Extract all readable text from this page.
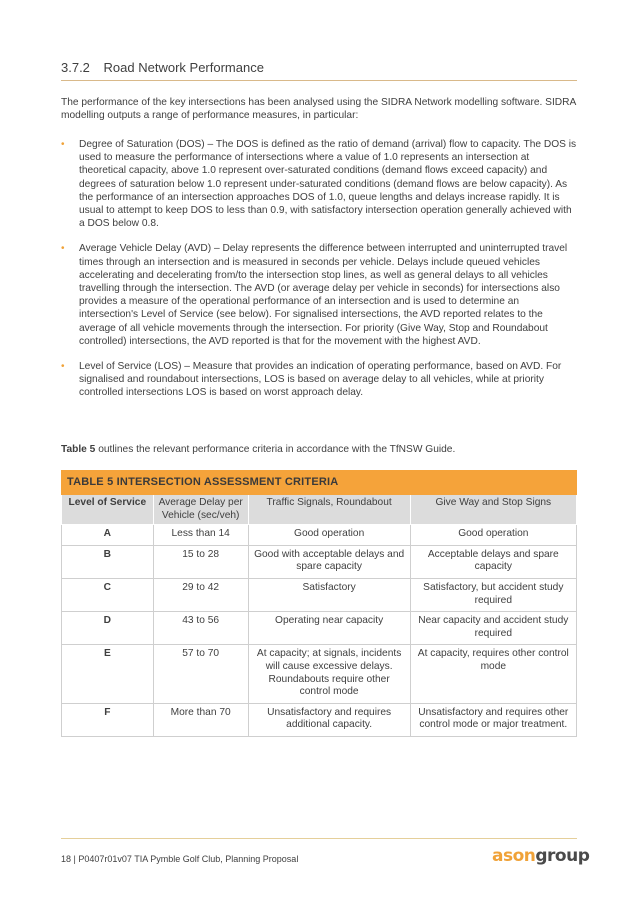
3.7.2 Road Network Performance
The performance of the key intersections has been analysed using the SIDRA Network modelling software. SIDRA modelling outputs a range of performance measures, in particular:
• Degree of Saturation (DOS) – The DOS is defined as the ratio of demand (arrival) flow to capacity. The DOS is used to measure the performance of intersections where a value of 1.0 represents an intersection at theoretical capacity, above 1.0 represent over-saturated conditions (demand flows exceed capacity) and degrees of saturation below 1.0 represent under-saturated conditions (demand flows are below capacity). As the performance of an intersection approaches DOS of 1.0, queue lengths and delays increase rapidly. It is usual to attempt to keep DOS to less than 0.9, with satisfactory intersection operation generally achieved with a DOS below 0.8.
• Average Vehicle Delay (AVD) – Delay represents the difference between interrupted and uninterrupted travel times through an intersection and is measured in seconds per vehicle. Delays include queued vehicles accelerating and decelerating from/to the intersection stop lines, as well as general delays to all vehicles travelling through the intersection. The AVD (or average delay per vehicle in seconds) for intersections also provides a measure of the operational performance of an intersection and is used to determine an intersection's Level of Service (see below). For signalised intersections, the AVD reported relates to the average of all vehicle movements through the intersection. For priority (Give Way, Stop and Roundabout controlled) intersections, the AVD reported is that for the movement with the highest AVD.
• Level of Service (LOS) – Measure that provides an indication of operating performance, based on AVD. For signalised and roundabout intersections, LOS is based on average delay to all vehicles, while at priority controlled intersections LOS is based on worst approach delay.
Table 5 outlines the relevant performance criteria in accordance with the TfNSW Guide.
TABLE 5 INTERSECTION ASSESSMENT CRITERIA			
Level of Service	Average Delay per Vehicle (sec/veh)	Traffic Signals, Roundabout	Give Way and Stop Signs
A	Less than 14	Good operation	Good operation
B	15 to 28	Good with acceptable delays and spare capacity	Acceptable delays and spare capacity
C	29 to 42	Satisfactory	Satisfactory, but accident study required
D	43 to 56	Operating near capacity	Near capacity and accident study required
E	57 to 70	At capacity; at signals, incidents will cause excessive delays. Roundabouts require other control mode	At capacity, requires other control mode
F	More than 70	Unsatisfactory and requires additional capacity.	Unsatisfactory and requires other control mode or major treatment.
18 | P0407r01v07 TIA Pymble Golf Club, Planning Proposal	asongroup
